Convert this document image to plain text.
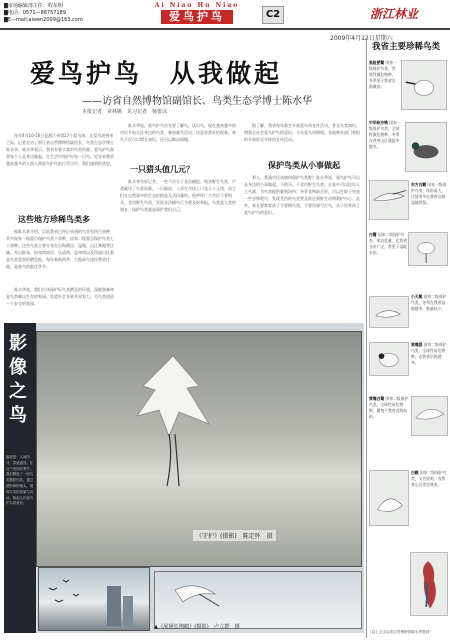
▇市场编辑部主任：程东明
▇电话：0571—86757189
▇E—mail:aiwen2009@163.com
Ai Niao Hu Niao
爱鸟护鸟	C2	浙江林业
2009年4月12日星期六
爱鸟护鸟　从我做起
——访省自然博物馆副馆长、鸟类生态学博士陈水华
本报记者　章林姚　见习记者　杨蕾沫
每年4月10-16日是浙江省第27个爱鸟周。在爱鸟周到来之际，记者走访了浙江省自然博物馆副馆长、鸟类生态学博士陈水华。陈水华表示，我省有着丰富的鸟类资源，爱鸟护鸟需要每个人从身边做起，在生活中保护好每一只鸟。近年来我省越来越多的人加入到爱鸟护鸟的行列当中，我们感到很欣慰。
这些地方珍稀鸟类多
据陈水华介绍，目前我省已经记录到的鸟类有四百余种，其中国家一级重点保护鸟类十余种，国家二级重点保护鸟类七十余种。这些鸟类主要分布在沿海滩涂、湿地、山区林地等区域。舟山群岛、杭州湾南岸、乐清湾、温州湾以及西部山区都是鸟类重要的栖息地。每年春秋两季，大批候鸟途经我省迁徙，是观鸟的最佳季节。
陈水华说，我们应该保护好鸟类栖息的环境，湿地和森林是鸟类赖以生存的家园。希望社会各界共同努力，为鸟类创造一个安全的家园。
陈水华说，爱鸟护鸟首先要了解鸟，认识鸟。现在越来越多的市民开始关注身边的鸟类，参加观鸟活动，这是非常好的现象。观鸟不仅可以增长知识，还可以陶冶情操。
一只猎头值几元？
陈水华告诉记者，一些不法分子非法捕捉、贩卖野生鸟类，严重破坏了鸟类资源。一只画眉、八哥在市场上只卖几十元钱，而它们在自然界中的生态价值是无法估量的。他呼吁广大市民不要购买、食用野生鸟类，发现非法捕鸟行为要及时举报。鸟类是人类的朋友，保护鸟类就是保护我们自己。
据了解，我省每年都会开展爱鸟周宣传活动，普及鸟类知识，增强全社会爱鸟护鸟的意识。今年爱鸟周期间，各地林业部门将组织开展形式多样的宣传活动。
保护鸟类从小事做起
那么，普通市民该如何保护鸟类呢？陈水华说，爱鸟护鸟可以从身边的小事做起。不购买、不食用野生鸟类；在家中可以挂设人工鸟巢，为鸟类提供繁殖场所；冬季食物缺乏时，可以在院子里放一些谷物喂鸟；发现受伤的鸟类要及时送到野生动物救护中心。此外，家长要教育孩子不要掏鸟窝、不要用弹弓打鸟，从小培养孩子爱鸟护鸟的意识。
影像之鸟
编者按：人间四月，春意盎然。在这个美好的季节，我们精选了一组鸟类摄影作品，通过摄影师的镜头，展现鸟类的美丽与灵动，唤起人们爱鸟护鸟的意识。
《守护》(摄影)　陈定怀　摄
▲《展翅长翔鹤》(摄影)　卢立群　摄
我省主要珍稀鸟类
黑脸琵鹭 国家一级保护鸟类，世界性濒危物种，冬季见于我省沿海滩涂。
中华秋沙鸭 国家一级保护鸟类，全球性濒危物种，冬季在我省山区溪流中越冬。
东方白鹳 国家一级保护鸟类，体形高大，迁徙季节在我省沿海湿地停留。
白鹭 国家二级保护鸟类，体态优雅，在我省分布广泛，常见于湿地水田。
小天鹅 国家二级保护鸟类，冬季在我省湿地越冬，数量较少。
黑嘴鸥 国家二级保护鸟类，全球性易危物种，在我省沿海越冬。
黄嘴白鹭 国家二级保护鸟类，全球性易危物种，繁殖于我省近海岛屿。
白鹇 国家二级保护鸟类，又名银鸡，为我省山区常见雉类。
（以上文字由省自然博物馆陈水华提供）
